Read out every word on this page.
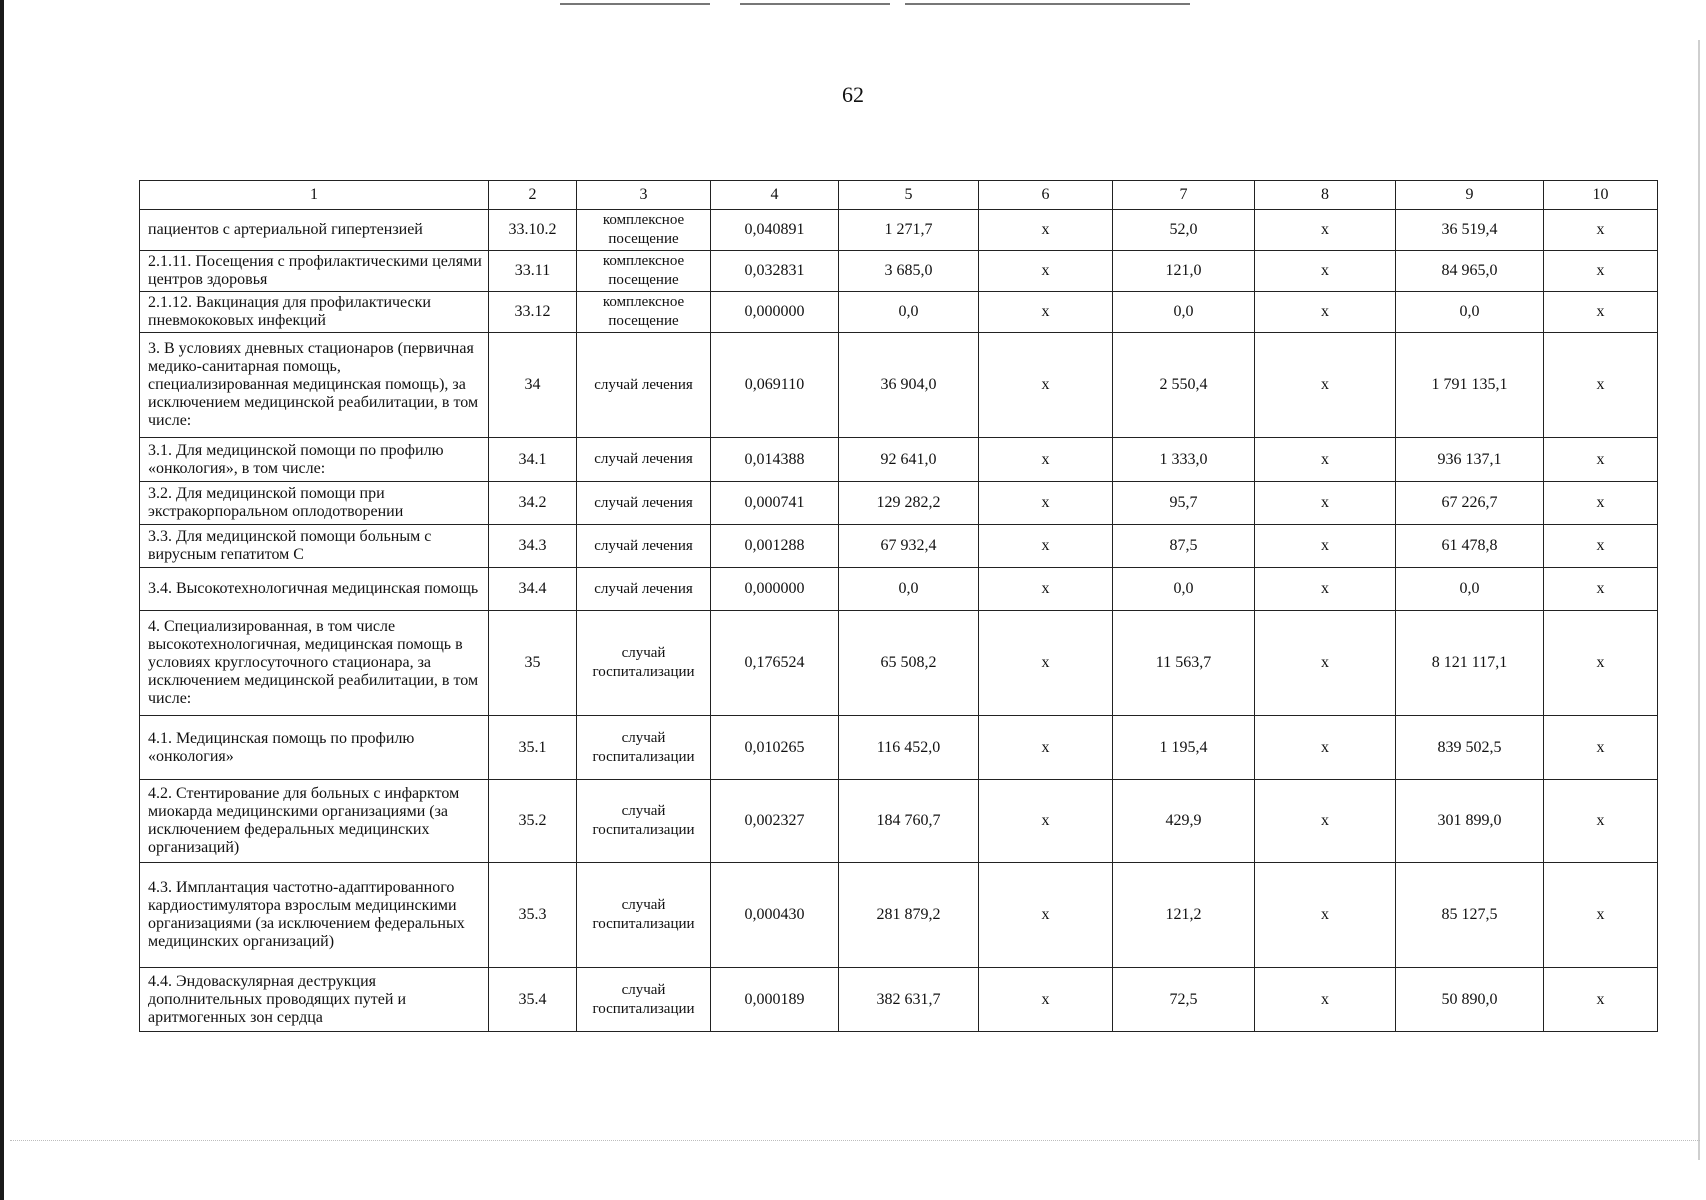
62
1	2	3	4	5	6	7	8	9	10
пациентов с артериальной гипертензией	33.10.2	комплексное посещение	0,040891	1 271,7	x	52,0	x	36 519,4	x
2.1.11. Посещения с профилактическими целями центров здоровья	33.11	комплексное посещение	0,032831	3 685,0	x	121,0	x	84 965,0	x
2.1.12. Вакцинация для профилактически пневмококовых инфекций	33.12	комплексное посещение	0,000000	0,0	x	0,0	x	0,0	x
3. В условиях дневных стационаров (первичная медико-санитарная помощь, специализированная медицинская помощь), за исключением медицинской реабилитации, в том числе:	34	случай лечения	0,069110	36 904,0	x	2 550,4	x	1 791 135,1	x
3.1. Для медицинской помощи по профилю «онкология», в том числе:	34.1	случай лечения	0,014388	92 641,0	x	1 333,0	x	936 137,1	x
3.2. Для медицинской помощи при экстракорпоральном оплодотворении	34.2	случай лечения	0,000741	129 282,2	x	95,7	x	67 226,7	x
3.3. Для медицинской помощи больным с вирусным гепатитом С	34.3	случай лечения	0,001288	67 932,4	x	87,5	x	61 478,8	x
3.4. Высокотехнологичная медицинская помощь	34.4	случай лечения	0,000000	0,0	x	0,0	x	0,0	x
4. Специализированная, в том числе высокотехнологичная, медицинская помощь в условиях круглосуточного стационара, за исключением медицинской реабилитации, в том числе:	35	случай госпитализации	0,176524	65 508,2	x	11 563,7	x	8 121 117,1	x
4.1. Медицинская помощь по профилю «онкология»	35.1	случай госпитализации	0,010265	116 452,0	x	1 195,4	x	839 502,5	x
4.2. Стентирование для больных с инфарктом миокарда медицинскими организациями (за исключением федеральных медицинских организаций)	35.2	случай госпитализации	0,002327	184 760,7	x	429,9	x	301 899,0	x
4.3. Имплантация частотно-адаптированного кардиостимулятора взрослым медицинскими организациями (за исключением федеральных медицинских организаций)	35.3	случай госпитализации	0,000430	281 879,2	x	121,2	x	85 127,5	x
4.4. Эндоваскулярная деструкция дополнительных проводящих путей и аритмогенных зон сердца	35.4	случай госпитализации	0,000189	382 631,7	x	72,5	x	50 890,0	x
